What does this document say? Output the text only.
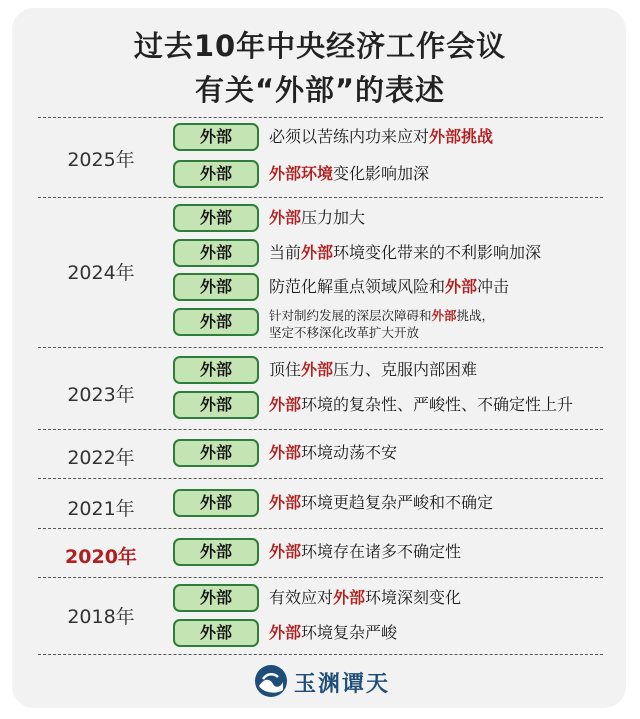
过去10年中央经济工作会议
有关“外部”的表述
2025年
外部	必须以苦练内功来应对外部挑战
外部	外部环境变化影响加深
2024年
外部	外部压力加大
外部	当前外部环境变化带来的不利影响加深
外部	防范化解重点领域风险和外部冲击
外部	针对制约发展的深层次障碍和外部挑战，
坚定不移深化改革扩大开放
2023年
外部	顶住外部压力、克服内部困难
外部	外部环境的复杂性、严峻性、不确定性上升
2022年	外部	外部环境动荡不安
2021年	外部	外部环境更趋复杂严峻和不确定
2020年	外部	外部环境存在诸多不确定性
2018年
外部	有效应对外部环境深刻变化
外部	外部环境复杂严峻
玉渊谭天
